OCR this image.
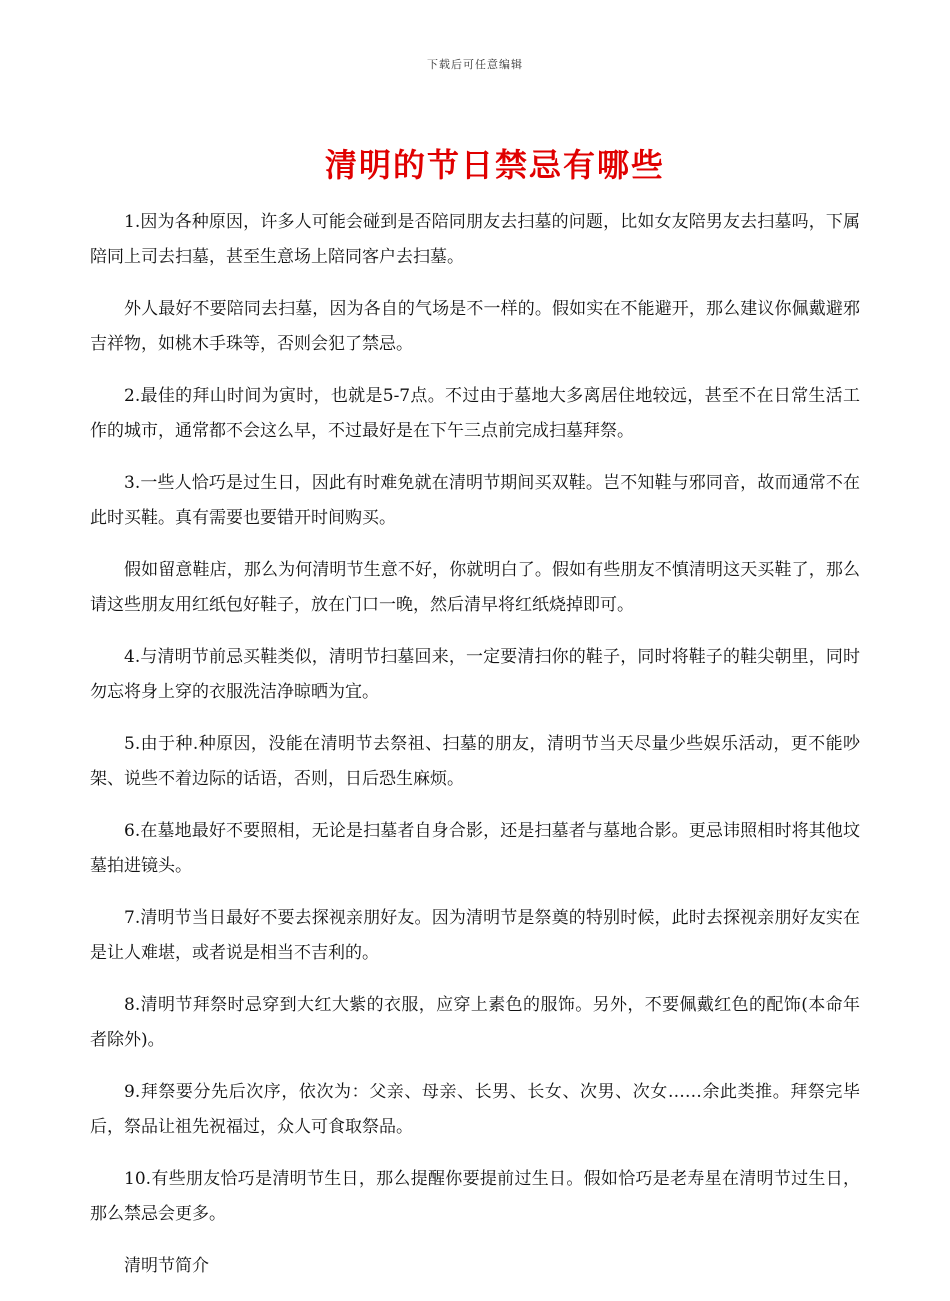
下载后可任意编辑
清明的节日禁忌有哪些

1.因为各种原因，许多人可能会碰到是否陪同朋友去扫墓的问题，比如女友陪男友去扫墓吗，下属陪同上司去扫墓，甚至生意场上陪同客户去扫墓。

外人最好不要陪同去扫墓，因为各自的气场是不一样的。假如实在不能避开，那么建议你佩戴避邪吉祥物，如桃木手珠等，否则会犯了禁忌。

2.最佳的拜山时间为寅时，也就是5-7点。不过由于墓地大多离居住地较远，甚至不在日常生活工作的城市，通常都不会这么早，不过最好是在下午三点前完成扫墓拜祭。

3.一些人恰巧是过生日，因此有时难免就在清明节期间买双鞋。岂不知鞋与邪同音，故而通常不在此时买鞋。真有需要也要错开时间购买。

假如留意鞋店，那么为何清明节生意不好，你就明白了。假如有些朋友不慎清明这天买鞋了，那么请这些朋友用红纸包好鞋子，放在门口一晚，然后清早将红纸烧掉即可。

4.与清明节前忌买鞋类似，清明节扫墓回来，一定要清扫你的鞋子，同时将鞋子的鞋尖朝里，同时勿忘将身上穿的衣服洗洁净晾晒为宜。

5.由于种.种原因，没能在清明节去祭祖、扫墓的朋友，清明节当天尽量少些娱乐活动，更不能吵架、说些不着边际的话语，否则，日后恐生麻烦。

6.在墓地最好不要照相，无论是扫墓者自身合影，还是扫墓者与墓地合影。更忌讳照相时将其他坟墓拍进镜头。

7.清明节当日最好不要去探视亲朋好友。因为清明节是祭奠的特别时候，此时去探视亲朋好友实在是让人难堪，或者说是相当不吉利的。

8.清明节拜祭时忌穿到大红大紫的衣服，应穿上素色的服饰。另外，不要佩戴红色的配饰(本命年者除外)。

9.拜祭要分先后次序，依次为：父亲、母亲、长男、长女、次男、次女……余此类推。拜祭完毕后，祭品让祖先祝福过，众人可食取祭品。

10.有些朋友恰巧是清明节生日，那么提醒你要提前过生日。假如恰巧是老寿星在清明节过生日，那么禁忌会更多。

清明节简介
